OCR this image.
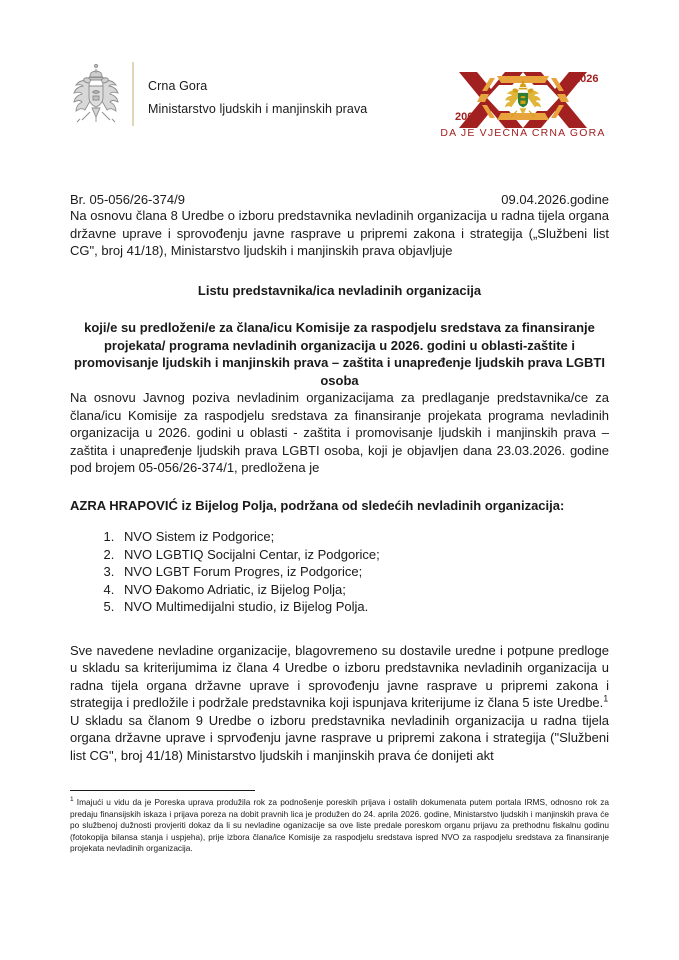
Crna Gora
Ministarstvo ljudskih i manjinskih prava
2006
2026
DA JE VJEČNA CRNA GORA
Br. 05-056/26-374/9	09.04.2026.godine

Na osnovu člana 8 Uredbe o izboru predstavnika nevladinih organizacija u radna tijela organa državne uprave i sprovođenju javne rasprave u pripremi zakona i strategija („Službeni list CG", broj 41/18), Ministarstvo ljudskih i manjinskih prava objavljuje

Listu predstavnika/ica nevladinih organizacija

koji/e su predloženi/e za člana/icu Komisije za raspodjelu sredstava za finansiranje projekata/ programa nevladinih organizacija u 2026. godini u oblasti-zaštite i promovisanje ljudskih i manjinskih prava – zaštita i unapređenje ljudskih prava LGBTI osoba

Na osnovu Javnog poziva nevladinim organizacijama za predlaganje predstavnika/ce za člana/icu Komisije za raspodjelu sredstava za finansiranje projekata programa nevladinih organizacija u 2026. godini u oblasti - zaštita i promovisanje ljudskih i manjinskih prava – zaštita i unapređenje ljudskih prava LGBTI osoba, koji je objavljen dana 23.03.2026. godine pod brojem 05-056/26-374/1, predložena je

AZRA HRAPOVIĆ iz Bijelog Polja, podržana od sledećih nevladinih organizacija:

1. NVO Sistem iz Podgorice;
2. NVO LGBTIQ Socijalni Centar, iz Podgorice;
3. NVO LGBT Forum Progres, iz Podgorice;
4. NVO Đakomo Adriatic, iz Bijelog Polja;
5. NVO Multimedijalni studio, iz Bijelog Polja.

Sve navedene nevladine organizacije, blagovremeno su dostavile uredne i potpune predloge u skladu sa kriterijumima iz člana 4 Uredbe o izboru predstavnika nevladinih organizacija u radna tijela organa državne uprave i sprovođenju javne rasprave u pripremi zakona i strategija i predložile i podržale predstavnika koji ispunjava kriterijume iz člana 5 iste Uredbe.$^1$

U skladu sa članom 9 Uredbe o izboru predstavnika nevladinih organizacija u radna tijela organa državne uprave i sprvođenju javne rasprave u pripremi zakona i strategija ("Službeni list CG", broj 41/18) Ministarstvo ljudskih i manjinskih prava će donijeti akt

$^1$ Imajući u vidu da je Poreska uprava produžila rok za podnošenje poreskih prijava i ostalih dokumenata putem portala IRMS, odnosno rok za predaju finansijskih iskaza i prijava poreza na dobit pravnih lica je produžen do 24. aprila 2026. godine, Ministarstvo ljudskih i manjinskih prava će po službenoj dužnosti provjeriti dokaz da li su nevladine oganizacije sa ove liste predale poreskom organu prijavu za prethodnu fiskalnu godinu (fotokopija bilansa stanja i uspjeha), prije izbora člana/ice Komisije za raspodjelu sredstava ispred NVO za raspodjelu sredstava za finansiranje projekata nevladinih organizacija.
